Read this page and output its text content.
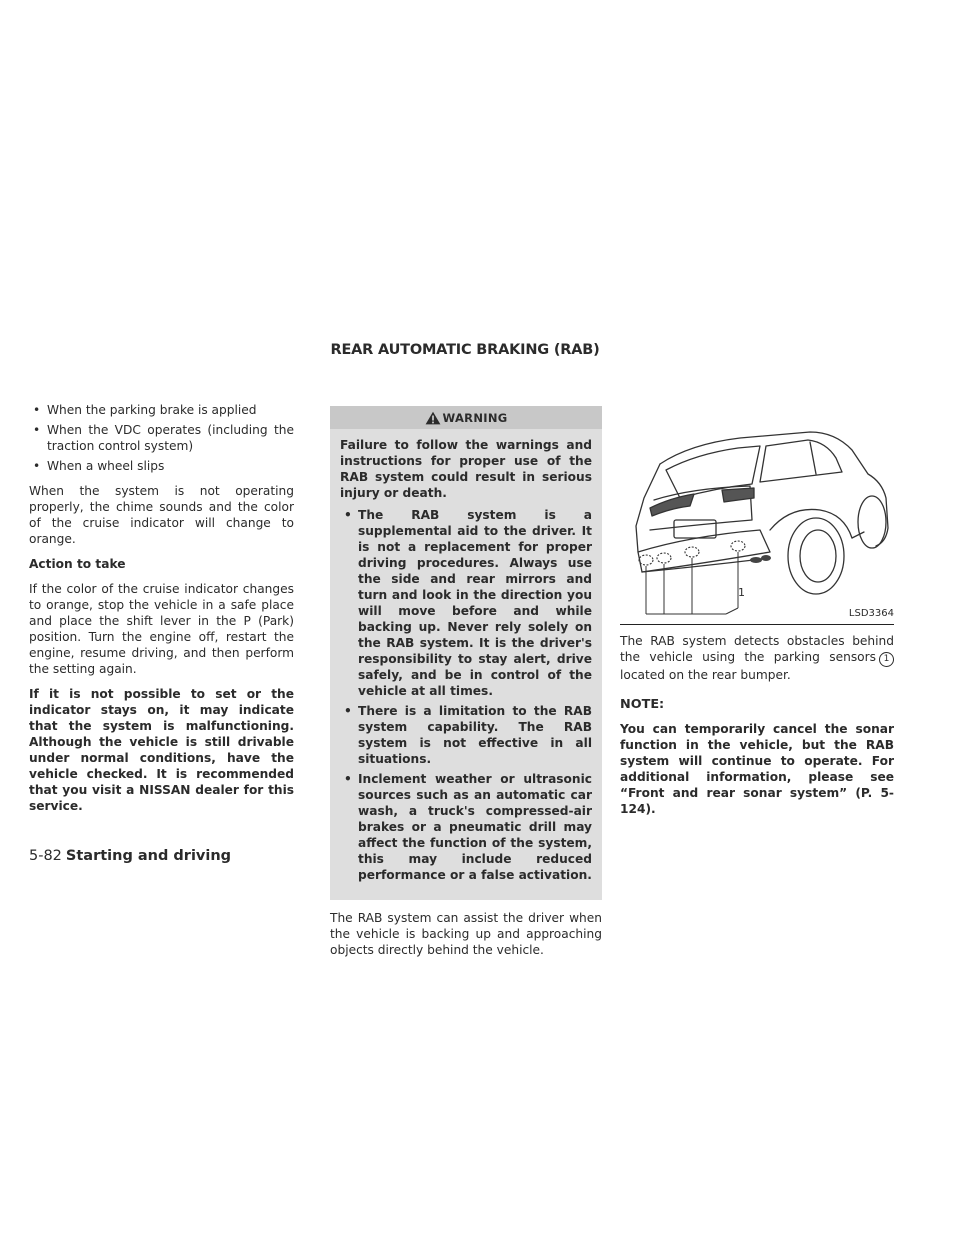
REAR AUTOMATIC BRAKING (RAB)
• When the parking brake is applied
• When the VDC operates (including the traction control system)
• When a wheel slips

When the system is not operating properly, the chime sounds and the color of the cruise indicator will change to orange.

Action to take

If the color of the cruise indicator changes to orange, stop the vehicle in a safe place and place the shift lever in the P (Park) position. Turn the engine off, restart the engine, resume driving, and then perform the setting again.

If it is not possible to set or the indicator stays on, it may indicate that the system is malfunctioning. Although the vehicle is still drivable under normal conditions, have the vehicle checked. It is recommended that you visit a NISSAN dealer for this service.

WARNING

Failure to follow the warnings and instructions for proper use of the RAB system could result in serious injury or death.

• The RAB system is a supplemental aid to the driver. It is not a replacement for proper driving procedures. Always use the side and rear mirrors and turn and look in the direction you will move before and while backing up. Never rely solely on the RAB system. It is the driver's responsibility to stay alert, drive safely, and be in control of the vehicle at all times.
• There is a limitation to the RAB system capability. The RAB system is not effective in all situations.
• Inclement weather or ultrasonic sources such as an automatic car wash, a truck's compressed-air brakes or a pneumatic drill may affect the function of the system, this may include reduced performance or a false activation.

The RAB system can assist the driver when the vehicle is backing up and approaching objects directly behind the vehicle.

1
LSD3364

The RAB system detects obstacles behind the vehicle using the parking sensors 1 located on the rear bumper.

NOTE:

You can temporarily cancel the sonar function in the vehicle, but the RAB system will continue to operate. For additional information, please see “Front and rear sonar system” (P. 5-124).

5-82 Starting and driving
